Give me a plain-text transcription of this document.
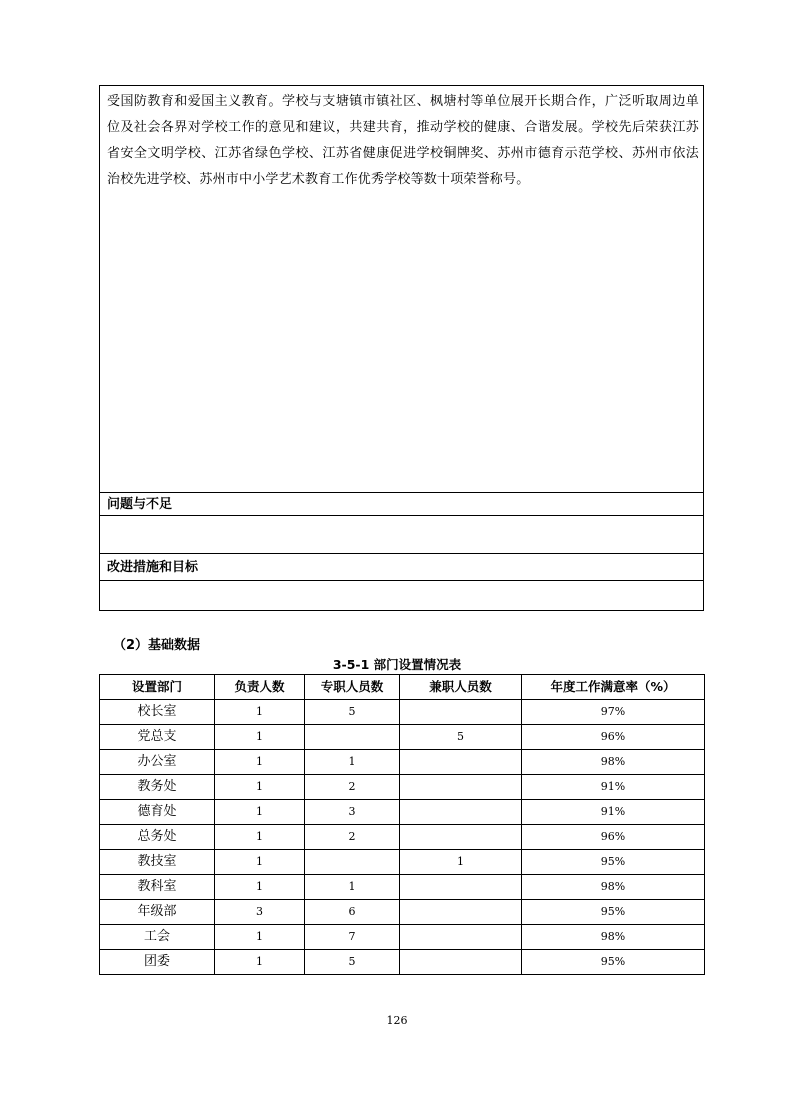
受国防教育和爱国主义教育。学校与支塘镇市镇社区、枫塘村等单位展开长期合作，广泛听取周边单位及社会各界对学校工作的意见和建议，共建共育，推动学校的健康、合谐发展。学校先后荣获江苏省安全文明学校、江苏省绿色学校、江苏省健康促进学校铜牌奖、苏州市德育示范学校、苏州市依法治校先进学校、苏州市中小学艺术教育工作优秀学校等数十项荣誉称号。

问题与不足
改进措施和目标
（2）基础数据
3-5-1 部门设置情况表
设置部门	负责人数	专职人员数	兼职人员数	年度工作满意率（%）
校长室	1	5		97%
党总支	1		5	96%
办公室	1	1		98%
教务处	1	2		91%
德育处	1	3		91%
总务处	1	2		96%
教技室	1		1	95%
教科室	1	1		98%
年级部	3	6		95%
工会	1	7		98%
团委	1	5		95%
126
